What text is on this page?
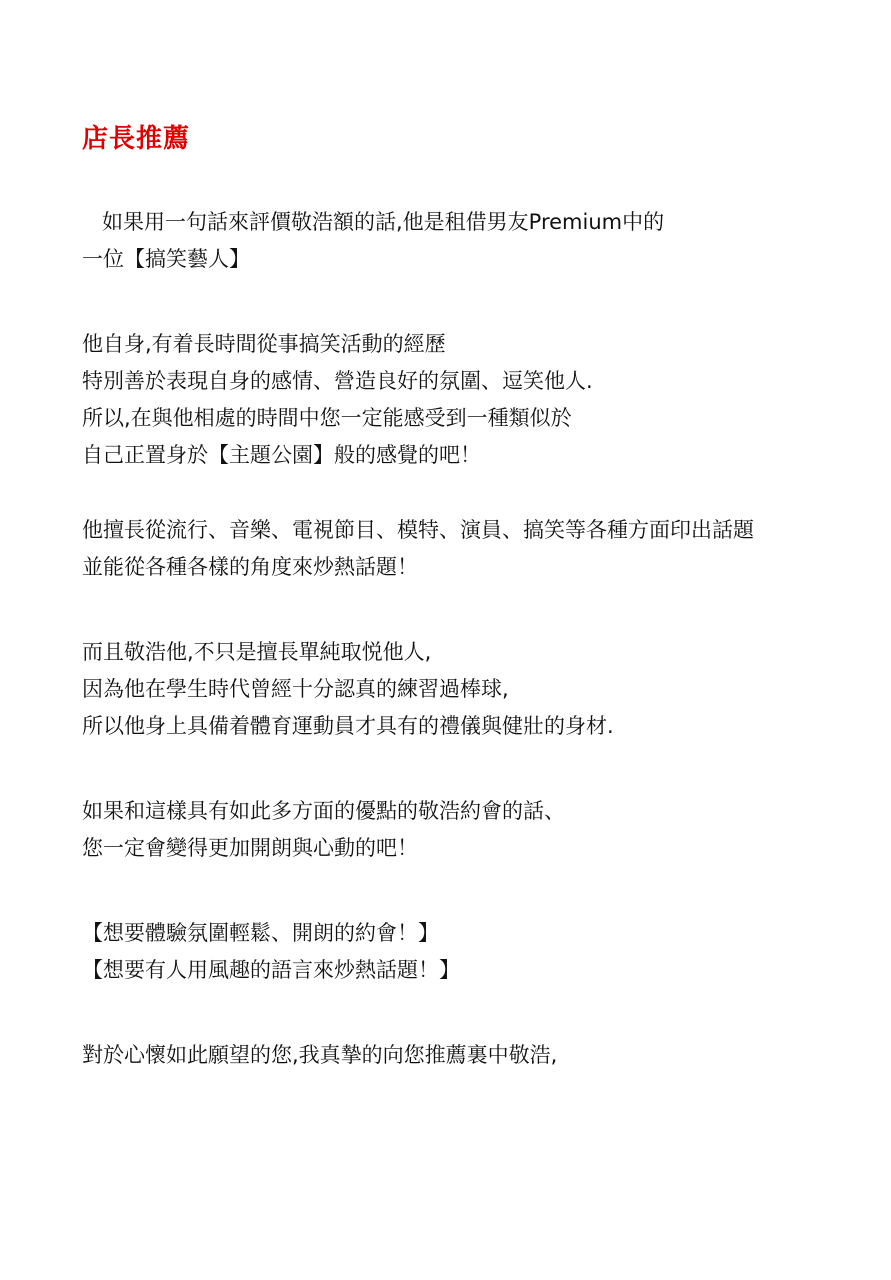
店長推薦
如果用一句話來評價敬浩額的話,他是租借男友Premium中的
一位【搞笑藝人】
他自身,有着長時間從事搞笑活動的經歷
特別善於表現自身的感情、營造良好的氛圍、逗笑他人.
所以,在與他相處的時間中您一定能感受到一種類似於
自己正置身於【主題公園】般的感覺的吧！
他擅長從流行、音樂、電視節目、模特、演員、搞笑等各種方面印出話題
並能從各種各樣的角度來炒熱話題！
而且敬浩他,不只是擅長單純取悦他人,
因為他在學生時代曾經十分認真的練習過棒球,
所以他身上具備着體育運動員才具有的禮儀與健壯的身材.
如果和這樣具有如此多方面的優點的敬浩約會的話、
您一定會變得更加開朗與心動的吧！
【想要體驗氛圍輕鬆、開朗的約會！】
【想要有人用風趣的語言來炒熱話題！】
對於心懷如此願望的您,我真摯的向您推薦裏中敬浩,
